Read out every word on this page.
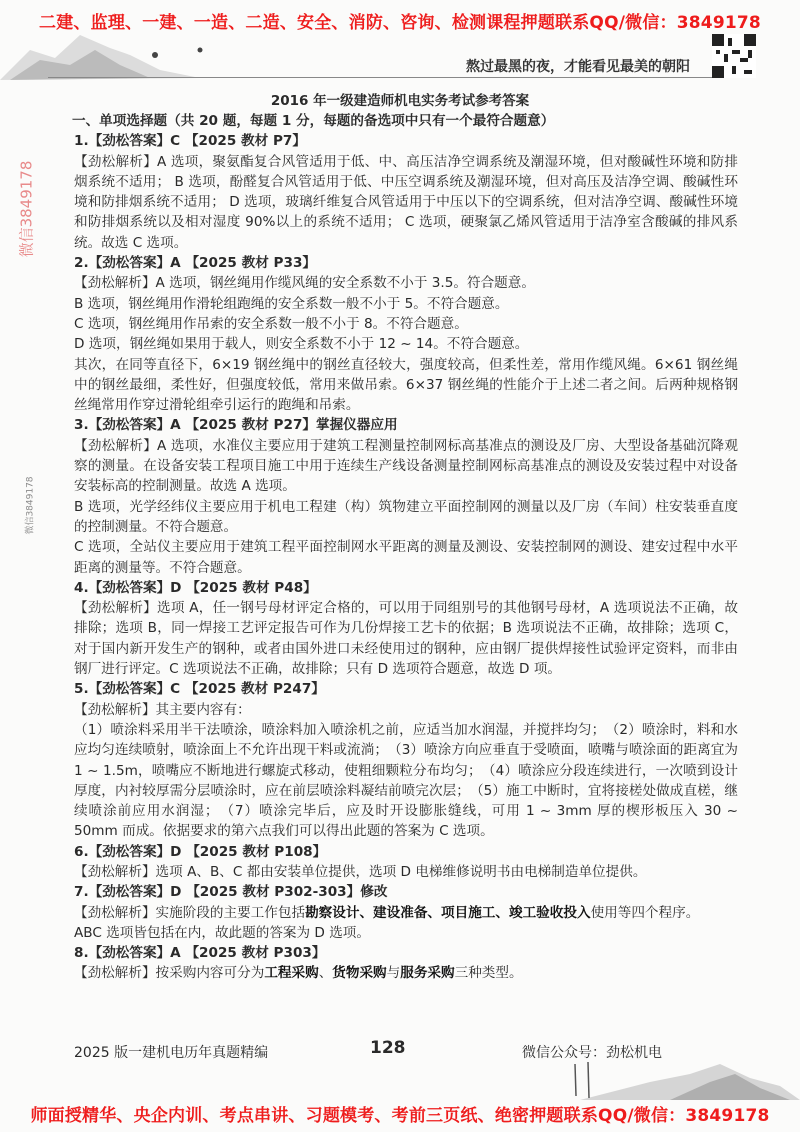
二建、监理、一建、一造、二造、安全、消防、咨询、检测课程押题联系QQ/微信：3849178
熬过最黑的夜，才能看见最美的朝阳
微信3849178
微信3849178
2016 年一级建造师机电实务考试参考答案
一、单项选择题（共 20 题，每题 1 分，每题的备选项中只有一个最符合题意）
1.【劲松答案】C 【2025 教材 P7】

【劲松解析】A 选项，聚氨酯复合风管适用于低、中、高压洁净空调系统及潮湿环境，但对酸碱性环境和防排烟系统不适用； B 选项，酚醛复合风管适用于低、中压空调系统及潮湿环境，但对高压及洁净空调、酸碱性环境和防排烟系统不适用； D 选项，玻璃纤维复合风管适用于中压以下的空调系统，但对洁净空调、酸碱性环境和防排烟系统以及相对湿度 90%以上的系统不适用； C 选项，硬聚氯乙烯风管适用于洁净室含酸碱的排风系统。故选 C 选项。

2.【劲松答案】A 【2025 教材 P33】

【劲松解析】A 选项，钢丝绳用作缆风绳的安全系数不小于 3.5。符合题意。

B 选项，钢丝绳用作滑轮组跑绳的安全系数一般不小于 5。不符合题意。

C 选项，钢丝绳用作吊索的安全系数一般不小于 8。不符合题意。

D 选项，钢丝绳如果用于载人，则安全系数不小于 12 ~ 14。不符合题意。

其次，在同等直径下，6×19 钢丝绳中的钢丝直径较大，强度较高，但柔性差，常用作缆风绳。6×61 钢丝绳中的钢丝最细，柔性好，但强度较低，常用来做吊索。6×37 钢丝绳的性能介于上述二者之间。后两种规格钢丝绳常用作穿过滑轮组牵引运行的跑绳和吊索。

3.【劲松答案】A 【2025 教材 P27】掌握仪器应用

【劲松解析】A 选项，水准仪主要应用于建筑工程测量控制网标高基准点的测设及厂房、大型设备基础沉降观察的测量。在设备安装工程项目施工中用于连续生产线设备测量控制网标高基准点的测设及安装过程中对设备安装标高的控制测量。故选 A 选项。

B 选项，光学经纬仪主要应用于机电工程建（构）筑物建立平面控制网的测量以及厂房（车间）柱安装垂直度的控制测量。不符合题意。

C 选项，全站仪主要应用于建筑工程平面控制网水平距离的测量及测设、安装控制网的测设、建安过程中水平距离的测量等。不符合题意。

4.【劲松答案】D 【2025 教材 P48】

【劲松解析】选项 A，任一钢号母材评定合格的，可以用于同组别号的其他钢号母材，A 选项说法不正确，故排除；选项 B，同一焊接工艺评定报告可作为几份焊接工艺卡的依据；B 选项说法不正确，故排除；选项 C，对于国内新开发生产的钢种，或者由国外进口未经使用过的钢种，应由钢厂提供焊接性试验评定资料，而非由钢厂进行评定。C 选项说法不正确，故排除；只有 D 选项符合题意，故选 D 项。

5.【劲松答案】C 【2025 教材 P247】

【劲松解析】其主要内容有：

（1）喷涂料采用半干法喷涂，喷涂料加入喷涂机之前，应适当加水润湿，并搅拌均匀；　（2）喷涂时，料和水应均匀连续喷射，喷涂面上不允许出现干料或流淌；　（3）喷涂方向应垂直于受喷面，喷嘴与喷涂面的距离宜为 1 ~ 1.5m，喷嘴应不断地进行螺旋式移动，使粗细颗粒分布均匀；　（4）喷涂应分段连续进行，一次喷到设计厚度，内衬较厚需分层喷涂时，应在前层喷涂料凝结前喷完次层；　（5）施工中断时，宜将接槎处做成直槎，继续喷涂前应用水润湿；　（7）喷涂完毕后，应及时开设膨胀缝线，可用 1 ~ 3mm 厚的楔形板压入 30 ~ 50mm 而成。依据要求的第六点我们可以得出此题的答案为 C 选项。

6.【劲松答案】D 【2025 教材 P108】

【劲松解析】选项 A、B、C 都由安装单位提供，选项 D 电梯维修说明书由电梯制造单位提供。

7.【劲松答案】D 【2025 教材 P302-303】修改

【劲松解析】实施阶段的主要工作包括勘察设计、建设准备、项目施工、竣工验收投入使用等四个程序。

ABC 选项皆包括在内，故此题的答案为 D 选项。

8.【劲松答案】A 【2025 教材 P303】

【劲松解析】按采购内容可分为工程采购、货物采购与服务采购三种类型。

2025 版一建机电历年真题精编	128	微信公众号：劲松机电
师面授精华、央企内训、考点串讲、习题模考、考前三页纸、绝密押题联系QQ/微信：3849178
